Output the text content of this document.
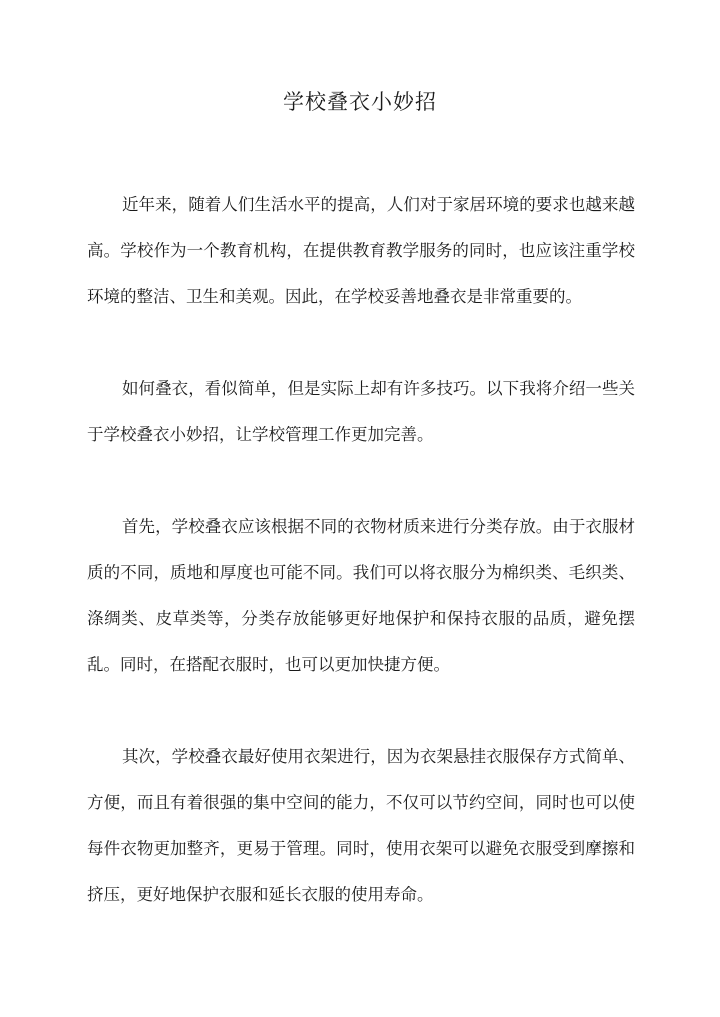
学校叠衣小妙招

近年来，随着人们生活水平的提高，人们对于家居环境的要求也越来越高。学校作为一个教育机构，在提供教育教学服务的同时，也应该注重学校环境的整洁、卫生和美观。因此，在学校妥善地叠衣是非常重要的。

如何叠衣，看似简单，但是实际上却有许多技巧。以下我将介绍一些关于学校叠衣小妙招，让学校管理工作更加完善。

首先，学校叠衣应该根据不同的衣物材质来进行分类存放。由于衣服材质的不同，质地和厚度也可能不同。我们可以将衣服分为棉织类、毛织类、涤绸类、皮草类等，分类存放能够更好地保护和保持衣服的品质，避免摆乱。同时，在搭配衣服时，也可以更加快捷方便。

其次，学校叠衣最好使用衣架进行，因为衣架悬挂衣服保存方式简单、方便，而且有着很强的集中空间的能力，不仅可以节约空间，同时也可以使每件衣物更加整齐，更易于管理。同时，使用衣架可以避免衣服受到摩擦和挤压，更好地保护衣服和延长衣服的使用寿命。
